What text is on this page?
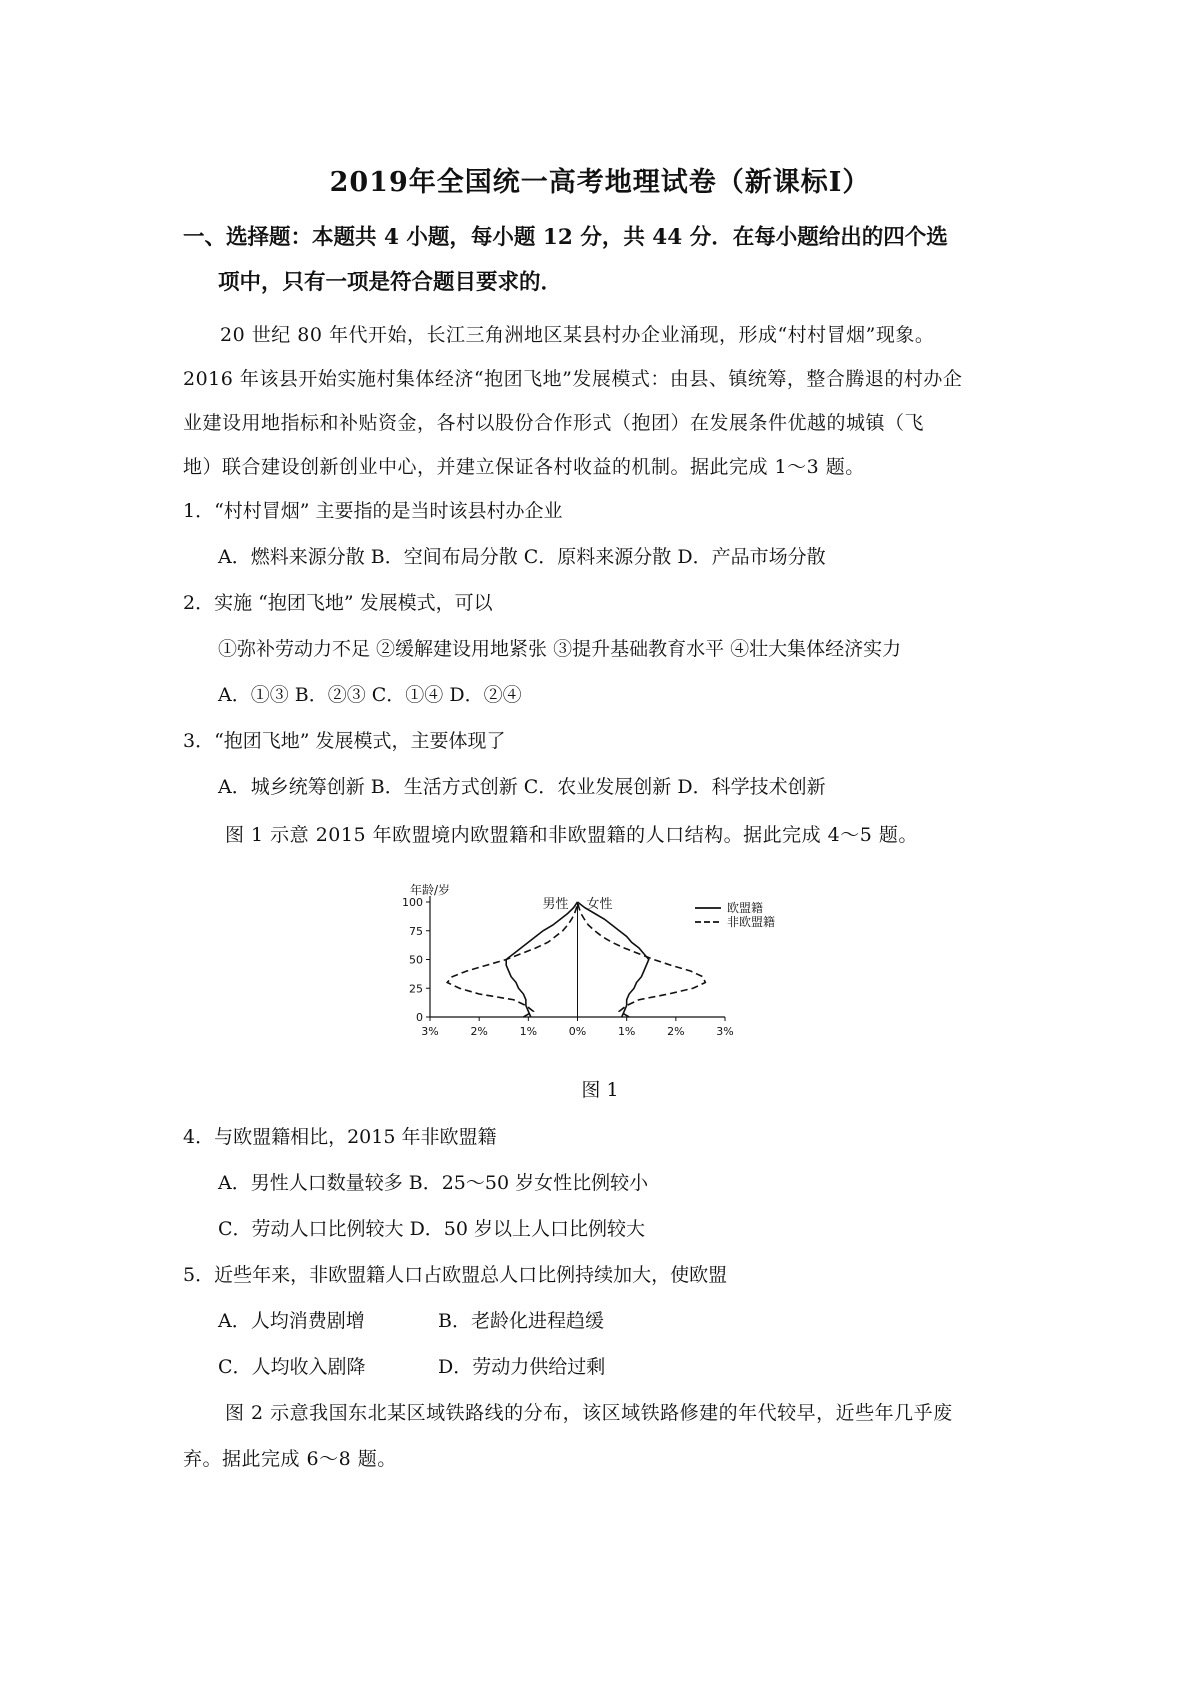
2019年全国统一高考地理试卷（新课标I）
一、选择题：本题共 4 小题，每小题 12 分，共 44 分．在每小题给出的四个选
项中，只有一项是符合题目要求的．
20 世纪 80 年代开始，长江三角洲地区某县村办企业涌现，形成“村村冒烟”现象。
2016 年该县开始实施村集体经济“抱团飞地”发展模式：由县、镇统筹，整合腾退的村办企
业建设用地指标和补贴资金，各村以股份合作形式（抱团）在发展条件优越的城镇（飞
地）联合建设创新创业中心，并建立保证各村收益的机制。据此完成 1～3 题。
1．“村村冒烟” 主要指的是当时该县村办企业
A．燃料来源分散 B．空间布局分散 C．原料来源分散 D．产品市场分散
2．实施 “抱团飞地” 发展模式，可以
①弥补劳动力不足 ②缓解建设用地紧张 ③提升基础教育水平 ④壮大集体经济实力
A．①③ B．②③ C．①④ D．②④
3．“抱团飞地” 发展模式，主要体现了
A．城乡统筹创新 B．生活方式创新 C．农业发展创新 D．科学技术创新
图 1 示意 2015 年欧盟境内欧盟籍和非欧盟籍的人口结构。据此完成 4～5 题。
0
25
50
75
100
3%	2%	1%	0%	1%	2%	3%
年龄/岁
男性 女性	欧盟籍
非欧盟籍
图 1
4．与欧盟籍相比，2015 年非欧盟籍
A．男性人口数量较多 B．25～50 岁女性比例较小
C．劳动人口比例较大 D．50 岁以上人口比例较大
5．近些年来，非欧盟籍人口占欧盟总人口比例持续加大，使欧盟
A．人均消费剧增	B．老龄化进程趋缓
C．人均收入剧降	D．劳动力供给过剩
图 2 示意我国东北某区域铁路线的分布，该区域铁路修建的年代较早，近些年几乎废
弃。据此完成 6～8 题。
